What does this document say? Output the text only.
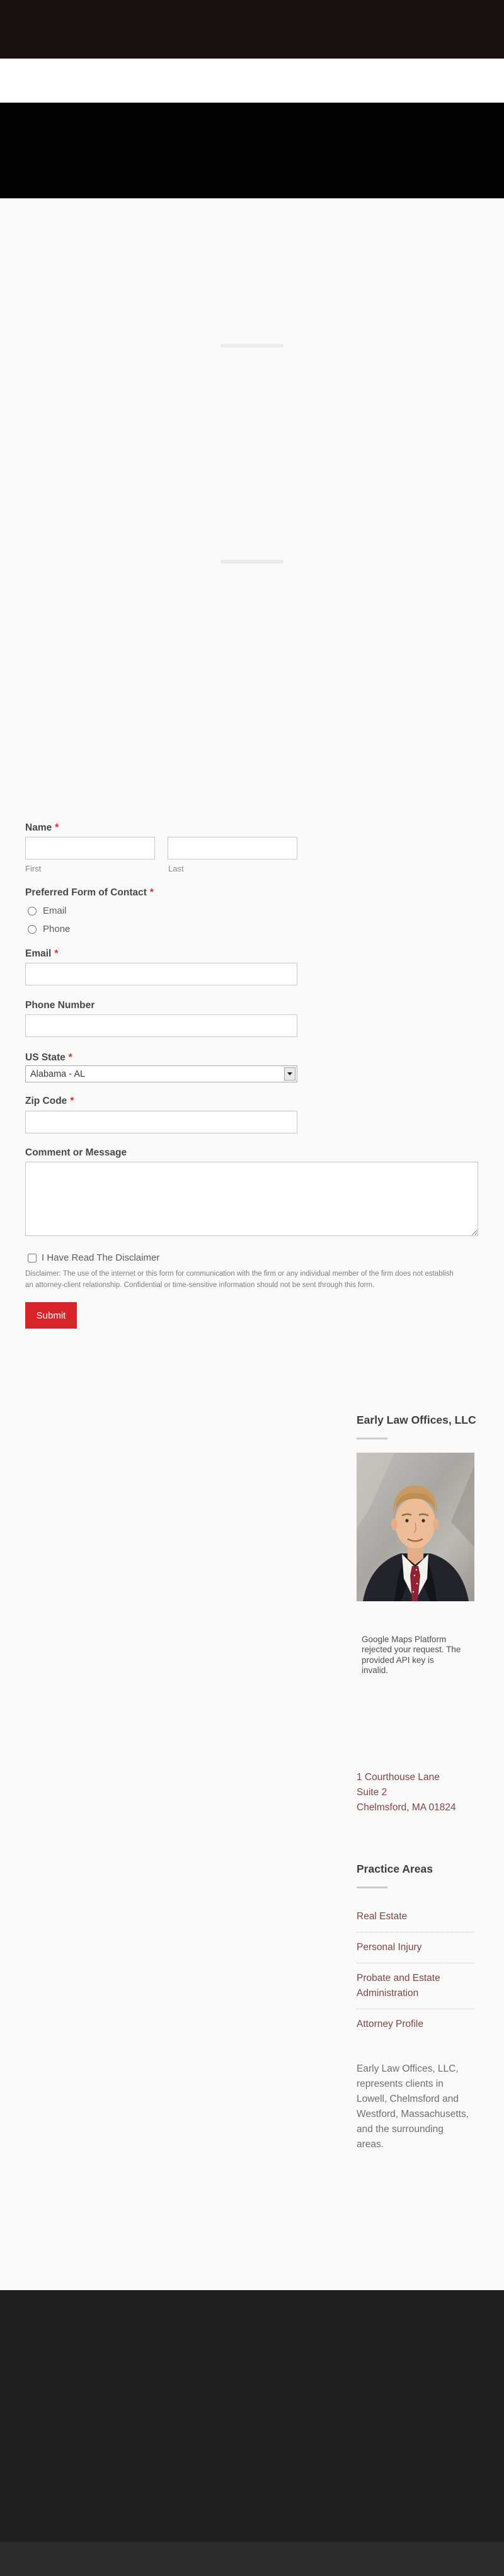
Name *
First	Last
Preferred Form of Contact *
Email
Phone
Email *
Phone Number
US State *
Alabama - AL
Zip Code *
Comment or Message
I Have Read The Disclaimer
Disclaimer: The use of the internet or this form for communication with the firm or any individual member of the firm does not establish an attorney-client relationship. Confidential or time-sensitive information should not be sent through this form.
Submit
Early Law Offices, LLC
Google Maps Platform rejected your request. The provided API key is invalid.
1 Courthouse Lane
Suite 2
Chelmsford, MA 01824
Practice Areas
Real Estate
Personal Injury
Probate and Estate Administration
Attorney Profile

Early Law Offices, LLC, represents clients in Lowell, Chelmsford and Westford, Massachusetts, and the surrounding areas.
